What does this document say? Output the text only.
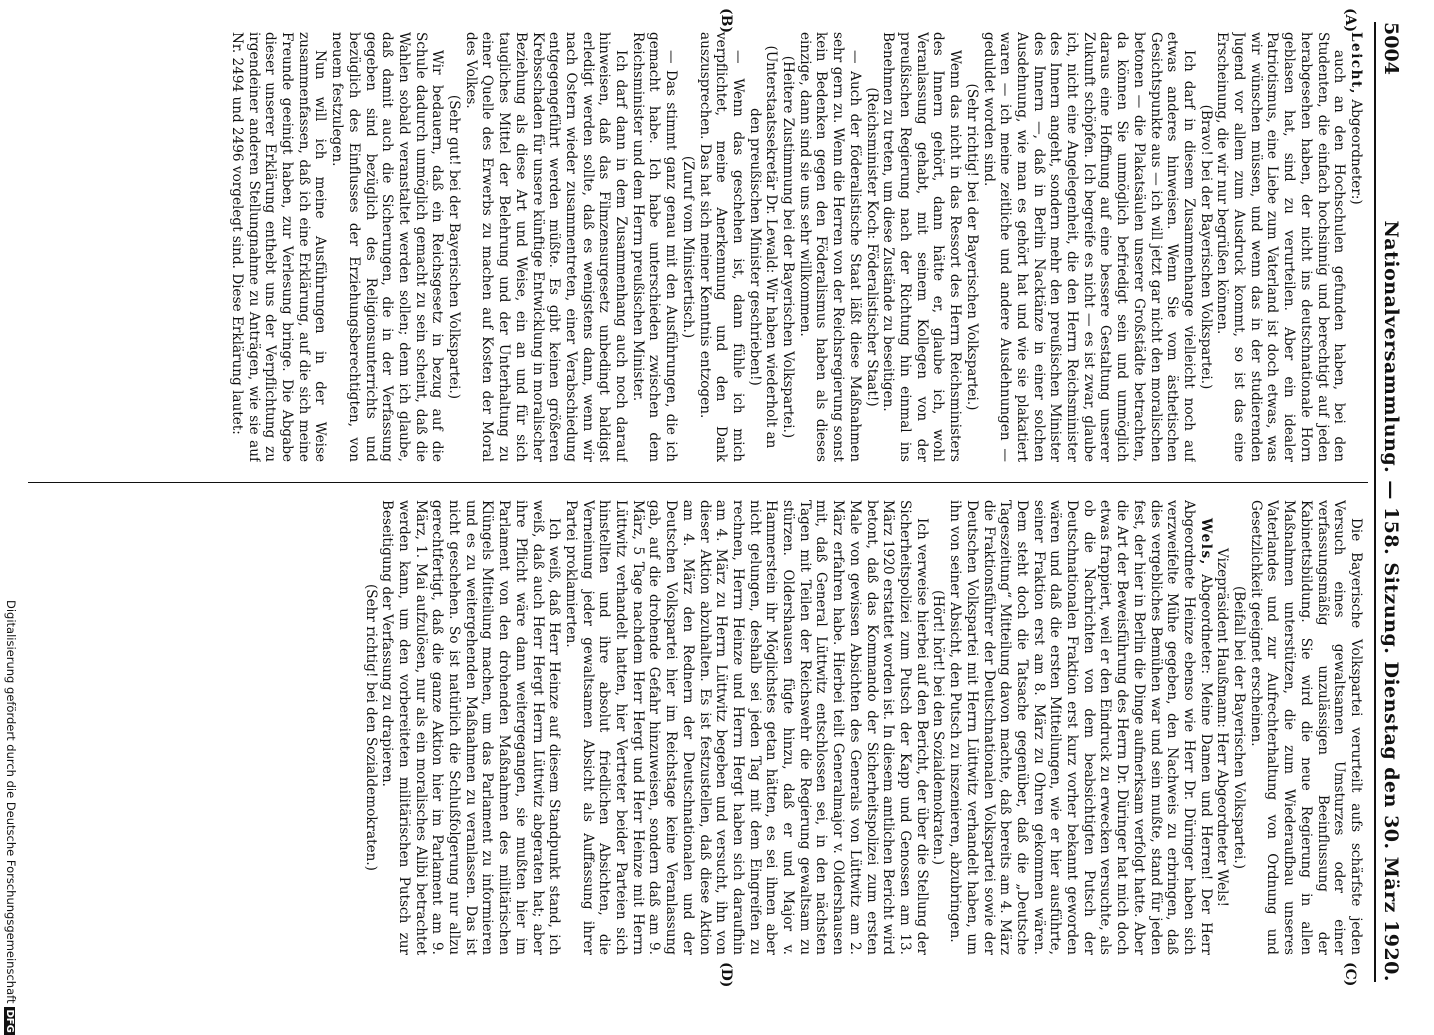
5004
Nationalversammlung. — 158. Sitzung. Dienstag den 30. März 1920.
(A)
(B)
(C)
(D)

Leicht, Abgeordneter:)

auch an den Hochschulen gefunden haben, bei den Studenten, die einfach hochsinnig und berechtigt auf jeden herabgesehen haben, der nicht ins deutschnationale Horn geblasen hat, sind zu verurteilen. Aber ein idealer Patriotismus, eine Liebe zum Vaterland ist doch etwas, was wir wünschen müssen, und wenn das in der studierenden Jugend vor allem zum Ausdruck kommt, so ist das eine Erscheinung, die wir nur begrüßen können.

(Bravo! bei der Bayerischen Volkspartei.)

Ich darf in diesem Zusammenhange vielleicht noch auf etwas anderes hinweisen. Wenn Sie vom ästhetischen Gesichtspunkte aus — ich will jetzt gar nicht den moralischen betonen — die Plakatsäulen unserer Großstädte betrachten, da können Sie unmöglich befriedigt sein und unmöglich daraus eine Hoffnung auf eine bessere Gestaltung unserer Zukunft schöpfen. Ich begreife es nicht — es ist zwar, glaube ich, nicht eine Angelegenheit, die den Herrn Reichsminister des Innern angeht, sondern mehr den preußischen Minister des Innern —, daß in Berlin Nacktänze in einer solchen Ausdehnung, wie man es gehört hat und wie sie plakatiert waren — ich meine zeitliche und andere Ausdehnungen — geduldet worden sind.

(Sehr richtig! bei der Bayerischen Volkspartei.)

Wenn das nicht in das Ressort des Herrn Reichsministers des Innern gehört, dann hätte er, glaube ich, wohl Veranlassung gehabt, mit seinem Kollegen von der preußischen Regierung nach der Richtung hin einmal ins Benehmen zu treten, um diese Zustände zu beseitigen.

(Reichsminister Koch: Föderalistischer Staat!)

— Auch der föderalistische Staat läßt diese Maßnahmen sehr gern zu. Wenn die Herren von der Reichsregierung sonst kein Bedenken gegen den Föderalismus haben als dieses einzige, dann sind sie uns sehr willkommen.

(Heitere Zustimmung bei der Bayerischen Volkspartei.)

(Unterstaatssekretär Dr. Lewald: Wir haben wiederholt an den preußischen Minister geschrieben!)

— Wenn das geschehen ist, dann fühle ich mich verpflichtet, meine Anerkennung und den Dank auszusprechen. Das hat sich meiner Kenntnis entzogen.

(Zuruf vom Ministertisch.)

— Das stimmt ganz genau mit den Ausführungen, die ich gemacht habe. Ich habe unterschieden zwischen dem Reichsminister und dem Herrn preußischen Minister.

Ich darf dann in dem Zusammenhang auch noch darauf hinweisen, daß das Filmzensurgesetz unbedingt baldigst erledigt werden sollte, daß es wenigstens dann, wenn wir nach Ostern wieder zusammentreten, einer Verabschiedung entgegengeführt werden müßte. Es gibt keinen größeren Krebsschaden für unsere künftige Entwicklung in moralischer Beziehung als diese Art und Weise, ein an und für sich taugliches Mittel der Belehrung und der Unterhaltung zu einer Quelle des Erwerbs zu machen auf Kosten der Moral des Volkes.

(Sehr gut! bei der Bayerischen Volkspartei.)

Wir bedauern, daß ein Reichsgesetz in bezug auf die Schule dadurch unmöglich gemacht zu sein scheint, daß die Wahlen sobald veranstaltet werden sollen; denn ich glaube, daß damit auch die Sicherungen, die in der Verfassung gegeben sind bezüglich des Religionsunterrichts und bezüglich des Einflusses der Erziehungsberechtigten, von neuem festzulegen.

Nun will ich meine Ausführungen in der Weise zusammenfassen, daß ich eine Erklärung, auf die sich meine Freunde geeinigt haben, zur Verlesung bringe. Die Abgabe dieser unserer Erklärung enthebt uns der Verpflichtung zu irgendeiner anderen Stellungnahme zu Anträgen, wie sie auf Nr. 2494 und 2496 vorgelegt sind. Diese Erklärung lautet:

Die Bayerische Volkspartei verurteilt aufs schärfste jeden Versuch eines gewaltsamen Umsturzes oder einer verfassungsmäßig unzulässigen Beeinflussung der Kabinettsbildung. Sie wird die neue Regierung in allen Maßnahmen unterstützen, die zum Wiederaufbau unseres Vaterlandes und zur Aufrechterhaltung von Ordnung und Gesetzlichkeit geeignet erscheinen.

(Beifall bei der Bayerischen Volkspartei.)

Vizepräsident Haußmann: Herr Abgeordneter Wels!

Wels, Abgeordneter: Meine Damen und Herren! Der Herr Abgeordnete Heinze ebenso wie Herr Dr. Düringer haben sich verzweifelte Mühe gegeben, den Nachweis zu erbringen, daß dies vergebliches Bemühen war und sein mußte, stand für jeden fest, der hier in Berlin die Dinge aufmerksam verfolgt hatte. Aber die Art der Beweisführung des Herrn Dr. Düringer hat mich doch etwas frappiert, weil er den Eindruck zu erwecken versuchte, als ob die Nachrichten von dem beabsichtigten Putsch der Deutschnationalen Fraktion erst kurz vorher bekannt geworden wären und daß die ersten Mitteilungen, wie er hier ausführte, seiner Fraktion erst am 8. März zu Ohren gekommen wären. Dem steht doch die Tatsache gegenüber, daß die „Deutsche Tageszeitung“ Mitteilung davon machte, daß bereits am 4. März die Fraktionsführer der Deutschnationalen Volkspartei sowie der Deutschen Volkspartei mit Herrn Lüttwitz verhandelt haben, um ihn von seiner Absicht, den Putsch zu inszenieren, abzubringen.

(Hört! hört! bei den Sozialdemokraten.)

Ich verweise hierbei auf den Bericht, der über die Stellung der Sicherheitspolizei zum Putsch der Kapp und Genossen am 13. März 1920 erstattet worden ist. In diesem amtlichen Bericht wird betont, daß das Kommando der Sicherheitspolizei zum ersten Male von gewissen Absichten des Generals von Lüttwitz am 2. März erfahren habe. Hierbei teilt Generalmajor v. Oldershausen mit, daß General Lüttwitz entschlossen sei, in den nächsten Tagen mit Teilen der Reichswehr die Regierung gewaltsam zu stürzen. Oldershausen fügte hinzu, daß er und Major v. Hammerstein ihr Möglichstes getan hätten, es sei ihnen aber nicht gelungen, deshalb sei jeden Tag mit dem Eingreifen zu rechnen, Herrn Heinze und Herrn Hergt haben sich daraufhin am 4. März zu Herrn Lüttwitz begeben und versucht, ihn von dieser Aktion abzuhalten. Es ist festzustellen, daß diese Aktion am 4. März den Rednern der Deutschnationalen und der Deutschen Volkspartei hier im Reichstage keine Veranlassung gab, auf die drohende Gefahr hinzuweisen, sondern daß am 9. März, 5 Tage nachdem Herr Hergt und Herr Heinze mit Herrn Lüttwitz verhandelt hatten, hier Vertreter beider Parteien sich hinstellten und ihre absolut friedlichen Absichten, die Verneinung jeder gewaltsamen Absicht als Auffassung ihrer Partei proklamierten.

Ich weiß, daß Herr Heinze auf diesem Standpunkt stand, ich weiß, daß auch Herr Hergt Herrn Lüttwitz abgeraten hat; aber ihre Pflicht wäre dann weitergegangen, sie mußten hier im Parlament von den drohenden Maßnahmen des militärischen Klüngels Mitteilung machen, um das Parlament zu informieren und es zu weitergehenden Maßnahmen zu veranlassen. Das ist nicht geschehen. So ist natürlich die Schlußfolgerung nur allzu gerechtfertigt, daß die ganze Aktion hier im Parlament am 9. März, 1. Mai aufzulösen, nur als ein moralisches Alibi betrachtet werden kann, um den vorbereiteten militärischen Putsch zur Beseitigung der Verfassung zu drapieren.

(Sehr richtig! bei den Sozialdemokraten.)

Digitalisierung gefördert durch die Deutsche ForschungsgemeinschaftDFG
